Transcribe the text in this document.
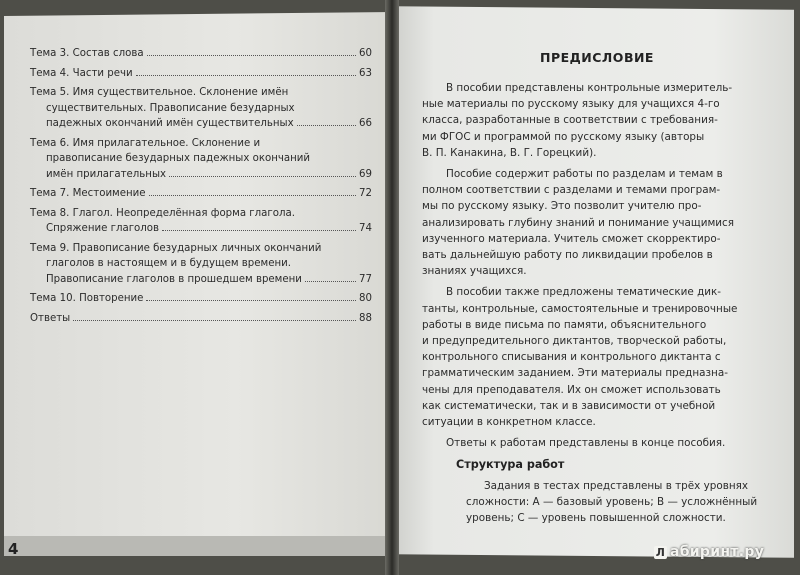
4
Тема 3. Состав слова	60
Тема 4. Части речи	63
Тема 5. Имя существительное. Склонение имён
существительных. Правописание безударных
падежных окончаний имён существительных	66
Тема 6. Имя прилагательное. Склонение и
правописание безударных падежных окончаний
имён прилагательных	69
Тема 7. Местоимение	72
Тема 8. Глагол. Неопределённая форма глагола.
Спряжение глаголов	74
Тема 9. Правописание безударных личных окончаний
глаголов в настоящем и в будущем времени.
Правописание глаголов в прошедшем времени	77
Тема 10. Повторение	80
Ответы	88
ПРЕДИСЛОВИЕ
В пособии представлены контрольные измеритель-
ные материалы по русскому языку для учащихся 4-го
класса, разработанные в соответствии с требования-
ми ФГОС и программой по русскому языку (авторы
В. П. Канакина, В. Г. Горецкий).
Пособие содержит работы по разделам и темам в
полном соответствии с разделами и темами програм-
мы по русскому языку. Это позволит учителю про-
анализировать глубину знаний и понимание учащимися
изученного материала. Учитель сможет скорректиро-
вать дальнейшую работу по ликвидации пробелов в
знаниях учащихся.
В пособии также предложены тематические дик-
танты, контрольные, самостоятельные и тренировочные
работы в виде письма по памяти, объяснительного
и предупредительного диктантов, творческой работы,
контрольного списывания и контрольного диктанта с
грамматическим заданием. Эти материалы предназна-
чены для преподавателя. Их он сможет использовать
как систематически, так и в зависимости от учебной
ситуации в конкретном классе.
Ответы к работам представлены в конце пособия.
Структура работ
Задания в тестах представлены в трёх уровнях
сложности: А — базовый уровень; В — усложнённый
уровень; С — уровень повышенной сложности.
Л абиринт.ру
